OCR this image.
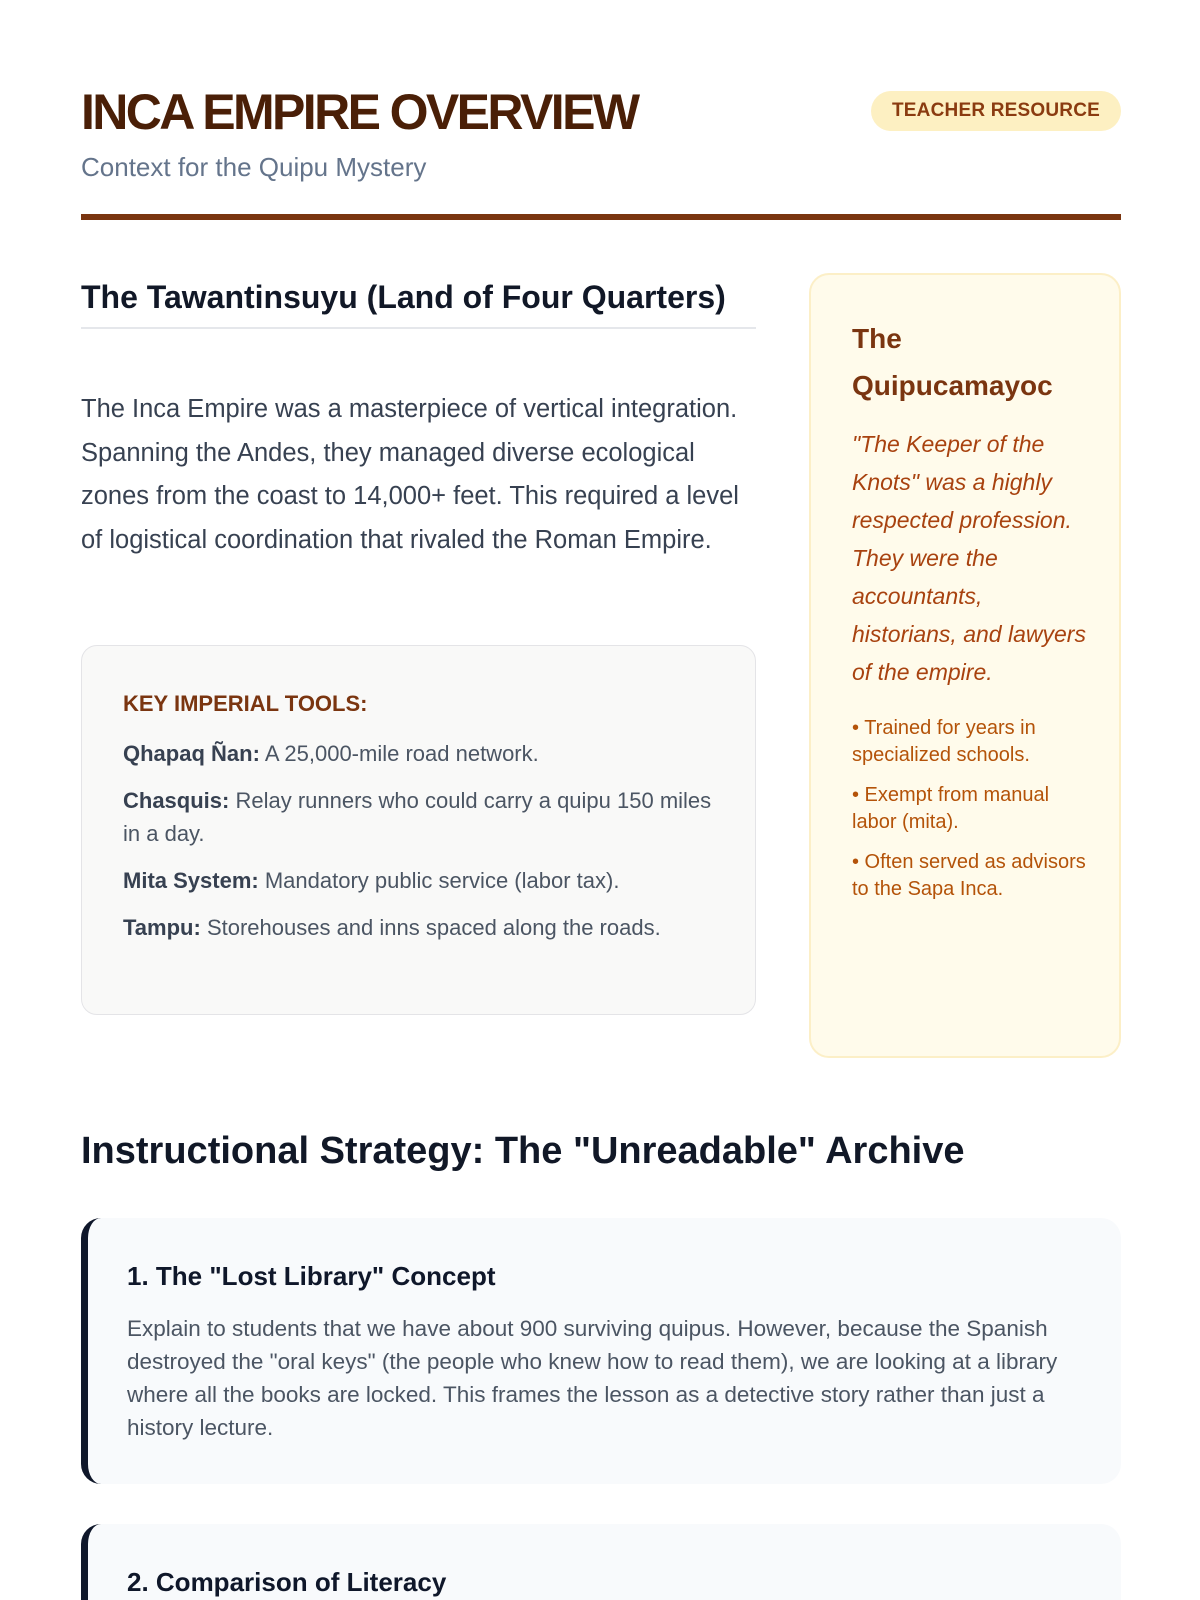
INCA EMPIRE OVERVIEW
Context for the Quipu Mystery
TEACHER RESOURCE
The Tawantinsuyu (Land of Four Quarters)

The Inca Empire was a masterpiece of vertical integration. Spanning the Andes, they managed diverse ecological zones from the coast to 14,000+ feet. This required a level of logistical coordination that rivaled the Roman Empire.

KEY IMPERIAL TOOLS:
Qhapaq Ñan: A 25,000-mile road network.
Chasquis: Relay runners who could carry a quipu 150 miles in a day.
Mita System: Mandatory public service (labor tax).
Tampu: Storehouses and inns spaced along the roads.
The Quipucamayoc

"The Keeper of the Knots" was a highly respected profession. They were the accountants, historians, and lawyers of the empire.

• Trained for years in specialized schools.
• Exempt from manual labor (mita).
• Often served as advisors to the Sapa Inca.
Instructional Strategy: The "Unreadable" Archive
1. The "Lost Library" Concept

Explain to students that we have about 900 surviving quipus. However, because the Spanish destroyed the "oral keys" (the people who knew how to read them), we are looking at a library where all the books are locked. This frames the lesson as a detective story rather than just a history lecture.

2. Comparison of Literacy
